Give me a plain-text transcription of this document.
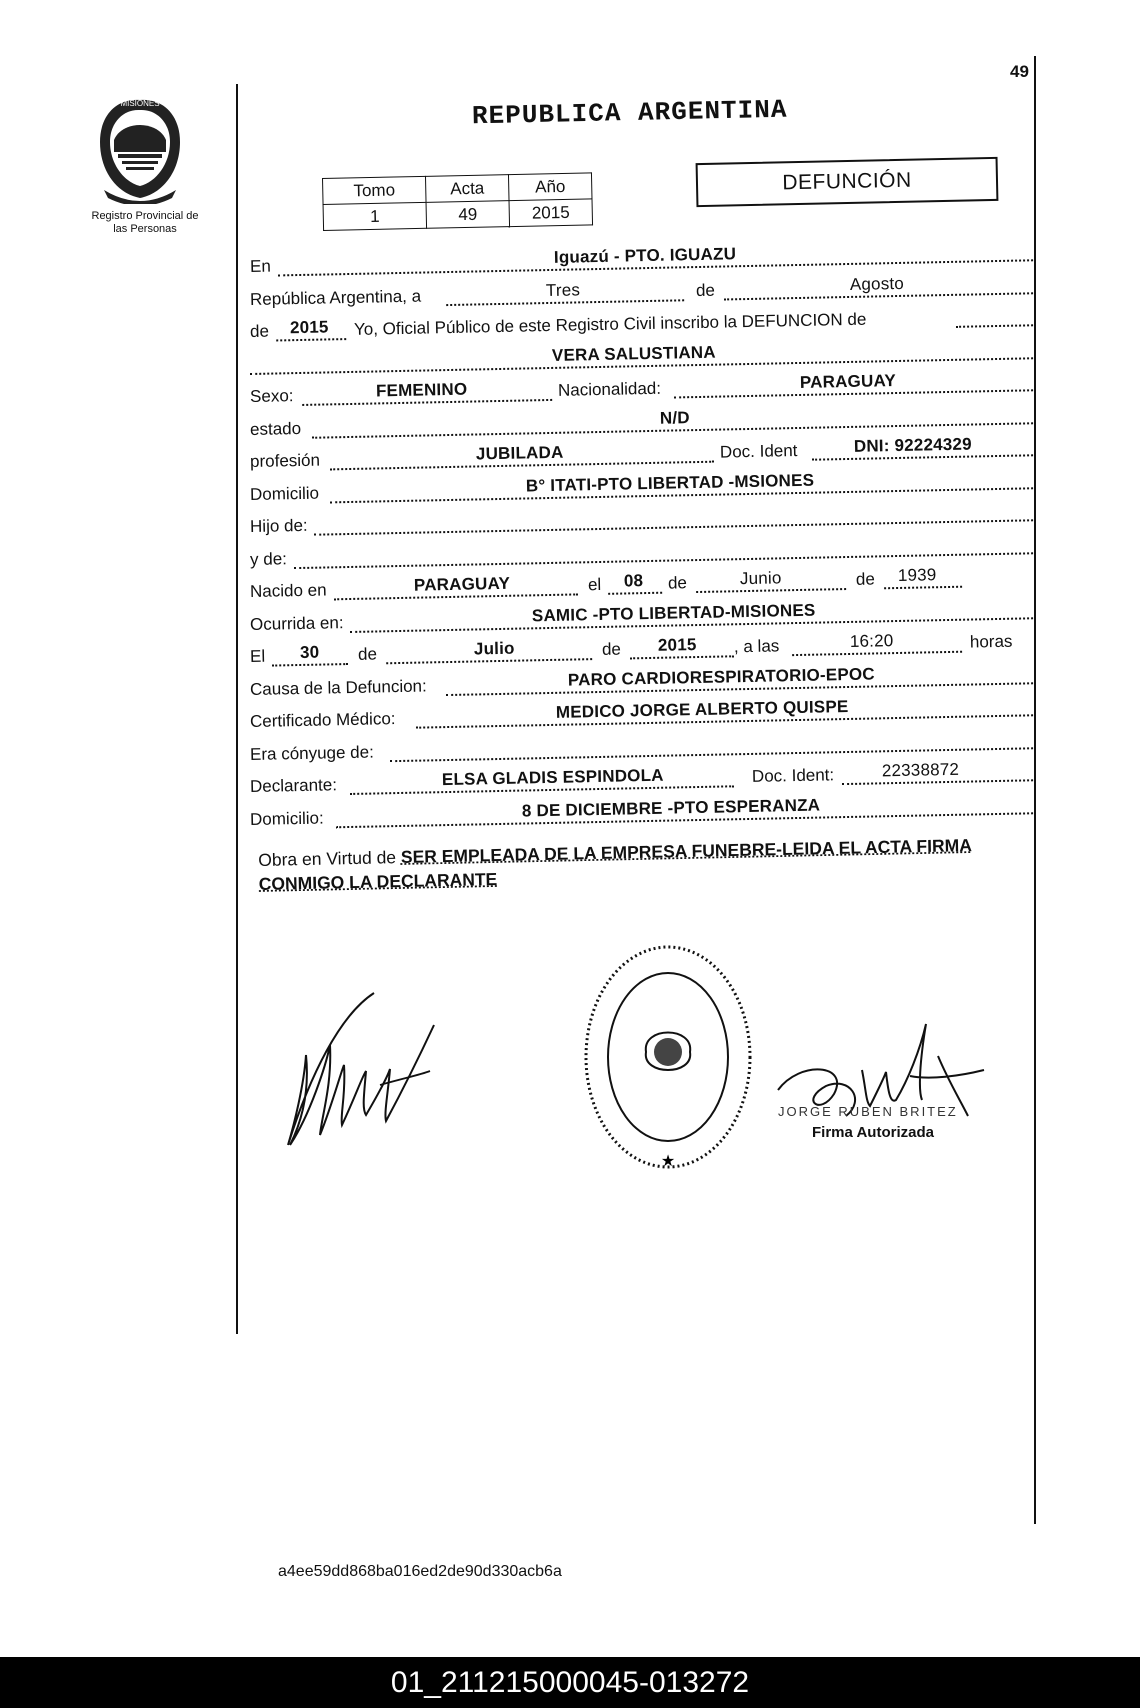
49
MISIONES
Registro Provincial de
las Personas
REPUBLICA ARGENTINA
Tomo	Acta	Año
1	49	2015
DEFUNCIÓN
En	Iguazú - PTO. IGUAZU
República Argentina, a	Tres	de	Agosto
de 2015 Yo, Oficial Público de este Registro Civil inscribo la DEFUNCION de
VERA SALUSTIANA
Sexo:	FEMENINO	Nacionalidad:	PARAGUAY
estado
N/D
profesión	JUBILADA	Doc. Ident	DNI: 92224329
Domicilio	B° ITATI-PTO LIBERTAD -MSIONES
Hijo de:
y de:
Nacido en	PARAGUAY	el 08 de	Junio	de 1939
Ocurrida en:	SAMIC -PTO LIBERTAD-MISIONES
El 30 de	Julio	de 2015 , a las	16:20	horas
Causa de la Defuncion:	PARO CARDIORESPIRATORIO-EPOC
Certificado Médico:	MEDICO JORGE ALBERTO QUISPE
Era cónyuge de:
Declarante:	ELSA GLADIS ESPINDOLA	Doc. Ident:	22338872
Domicilio:	8 DE DICIEMBRE -PTO ESPERANZA
Obra en Virtud de SER EMPLEADA DE LA EMPRESA FUNEBRE-LEIDA EL ACTA FIRMA
CONMIGO LA DECLARANTE
★
JORGE RUBEN BRITEZ
Firma Autorizada
a4ee59dd868ba016ed2de90d330acb6a
01_211215000045-013272
